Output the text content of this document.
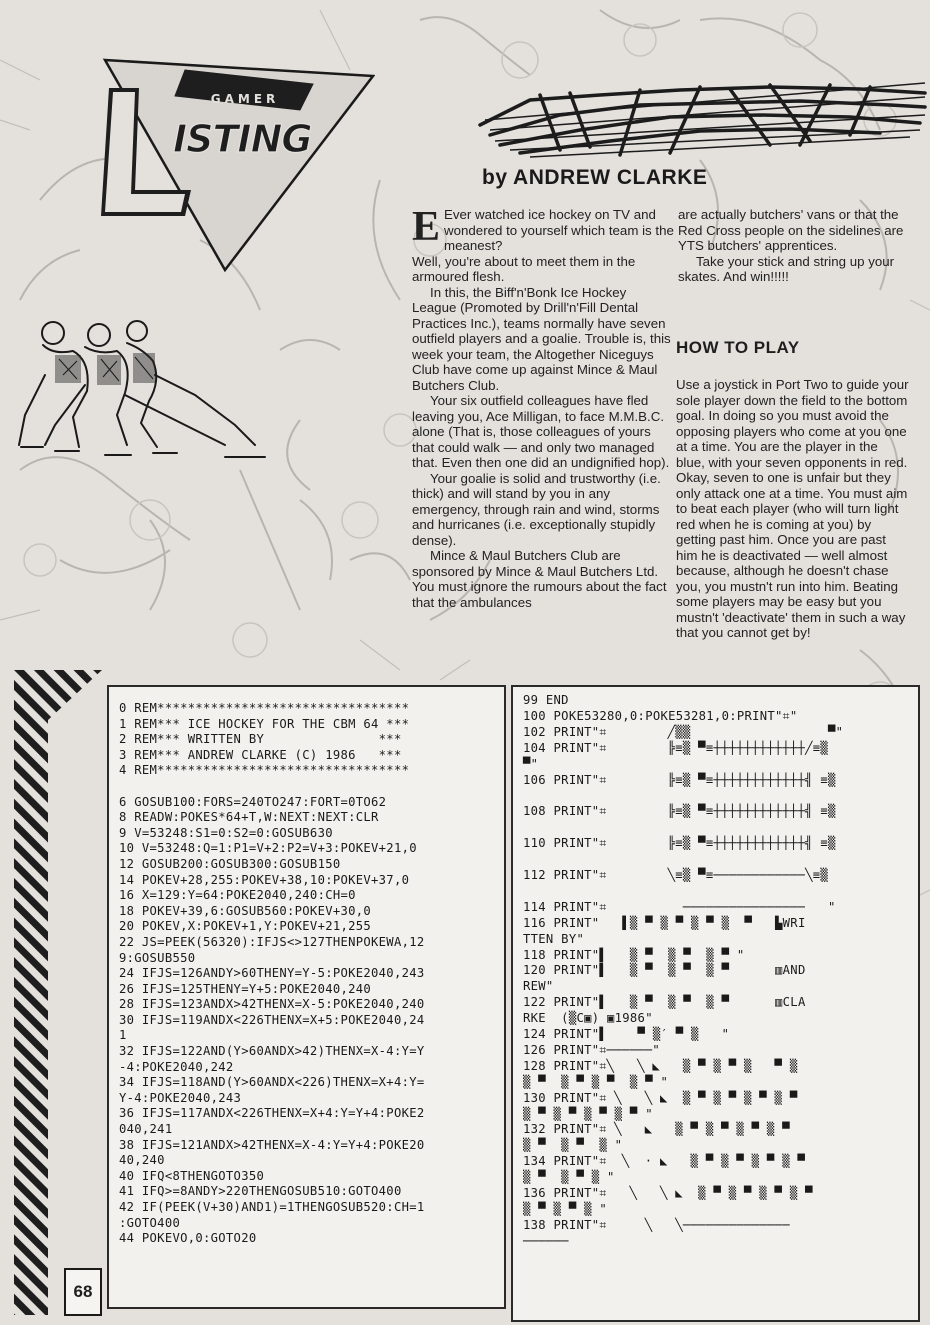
GAMER
ISTING
by ANDREW CLARKE

E Ever watched ice hockey on TV and wondered to yourself which team is the meanest?

Well, you're about to meet them in the armoured flesh.

In this, the Biff'n'Bonk Ice Hockey League (Promoted by Drill'n'Fill Dental Practices Inc.), teams normally have seven outfield players and a goalie. Trouble is, this week your team, the Altogether Niceguys Club have come up against Mince & Maul Butchers Club.

Your six outfield colleagues have fled leaving you, Ace Milligan, to face M.M.B.C. alone (That is, those colleagues of yours that could walk — and only two managed that. Even then one did an undignified hop).

Your goalie is solid and trustworthy (i.e. thick) and will stand by you in any emergency, through rain and wind, storms and hurricanes (i.e. exceptionally stupidly dense).

Mince & Maul Butchers Club are sponsored by Mince & Maul Butchers Ltd. You must ignore the rumours about the fact that the ambulances

are actually butchers' vans or that the Red Cross people on the sidelines are YTS butchers' apprentices.

Take your stick and string up your skates. And win!!!!!

HOW TO PLAY

Use a joystick in Port Two to guide your sole player down the field to the bottom goal. In doing so you must avoid the opposing players who come at you one at a time. You are the player in the blue, with your seven opponents in red. Okay, seven to one is unfair but they only attack one at a time. You must aim to beat each player (who will turn light red when he is coming at you) by getting past him. Once you are past him he is deactivated — well almost because, although he doesn't chase you, you mustn't run into him. Beating some players may be easy but you mustn't 'deactivate' them in such a way that you cannot get by!

0 REM*********************************
1 REM*** ICE HOCKEY FOR THE CBM 64 ***
2 REM*** WRITTEN BY               ***
3 REM*** ANDREW CLARKE (C) 1986   ***
4 REM*********************************

6 GOSUB100:FORS=240TO247:FORT=0TO62
8 READW:POKES*64+T,W:NEXT:NEXT:CLR
9 V=53248:S1=0:S2=0:GOSUB630
10 V=53248:Q=1:P1=V+2:P2=V+3:POKEV+21,0
12 GOSUB200:GOSUB300:GOSUB150
14 POKEV+28,255:POKEV+38,10:POKEV+37,0
16 X=129:Y=64:POKE2040,240:CH=0
18 POKEV+39,6:GOSUB560:POKEV+30,0
20 POKEV,X:POKEV+1,Y:POKEV+21,255
22 JS=PEEK(56320):IFJS<>127THENPOKEWA,12
9:GOSUB550
24 IFJS=126ANDY>60THENY=Y-5:POKE2040,243
26 IFJS=125THENY=Y+5:POKE2040,240
28 IFJS=123ANDX>42THENX=X-5:POKE2040,240
30 IFJS=119ANDX<226THENX=X+5:POKE2040,24
1
32 IFJS=122AND(Y>60ANDX>42)THENX=X-4:Y=Y
-4:POKE2040,242
34 IFJS=118AND(Y>60ANDX<226)THENX=X+4:Y=
Y-4:POKE2040,243
36 IFJS=117ANDX<226THENX=X+4:Y=Y+4:POKE2
040,241
38 IFJS=121ANDX>42THENX=X-4:Y=Y+4:POKE20
40,240
40 IFQ<8THENGOTO350
41 IFQ>=8ANDY>220THENGOSUB510:GOTO400
42 IF(PEEK(V+30)AND1)=1THENGOSUB520:CH=1
:GOTO400
44 POKEVO,0:GOTO20
99 END
100 POKE53280,0:POKE53281,0:PRINT"⌗"
102 PRINT"⌗        ╱▒▒                  ▀"
104 PRINT"⌗        ╠≡▒ ▀≡┼┼┼┼┼┼┼┼┼┼┼┼╱≡▒
▀"
106 PRINT"⌗        ╠≡▒ ▀≡┼┼┼┼┼┼┼┼┼┼┼┼╣ ≡▒

108 PRINT"⌗        ╠≡▒ ▀≡┼┼┼┼┼┼┼┼┼┼┼┼╣ ≡▒

110 PRINT"⌗        ╠≡▒ ▀≡┼┼┼┼┼┼┼┼┼┼┼┼╣ ≡▒

112 PRINT"⌗        ╲≡▒ ▀≡────────────╲≡▒

114 PRINT"⌗          ────────────────   "
116 PRINT"   ▌▒ ▀ ▒ ▀ ▒ ▀ ▒  ▀   ▙WRI
TTEN BY"
118 PRINT"▌   ▒ ▀  ▒ ▀  ▒ ▀ "
120 PRINT"▌   ▒ ▀  ▒ ▀  ▒ ▀      ▥AND
REW"
122 PRINT"▌   ▒ ▀  ▒ ▀  ▒ ▀      ▥CLA
RKE  (▒C▣) ▣1986"
124 PRINT"▌    ▀ ▒′ ▀ ▒   "
126 PRINT"⌗──────"
128 PRINT"⌗╲   ╲ ◣   ▒ ▀ ▒ ▀ ▒   ▀ ▒
▒ ▀  ▒ ▀ ▒ ▀  ▒ ▀ "
130 PRINT"⌗ ╲   ╲ ◣  ▒ ▀ ▒ ▀ ▒ ▀ ▒ ▀
▒ ▀ ▒ ▀ ▒ ▀ ▒ ▀ "
132 PRINT"⌗ ╲   ◣   ▒ ▀ ▒ ▀ ▒ ▀ ▒ ▀
▒ ▀  ▒ ▀  ▒ "
134 PRINT"⌗  ╲  · ◣   ▒ ▀ ▒ ▀ ▒ ▀ ▒ ▀
▒ ▀  ▒ ▀ ▒ "
136 PRINT"⌗   ╲   ╲ ◣  ▒ ▀ ▒ ▀ ▒ ▀ ▒ ▀
▒ ▀ ▒ ▀ ▒ "
138 PRINT"⌗     ╲   ╲──────────────
──────
68
